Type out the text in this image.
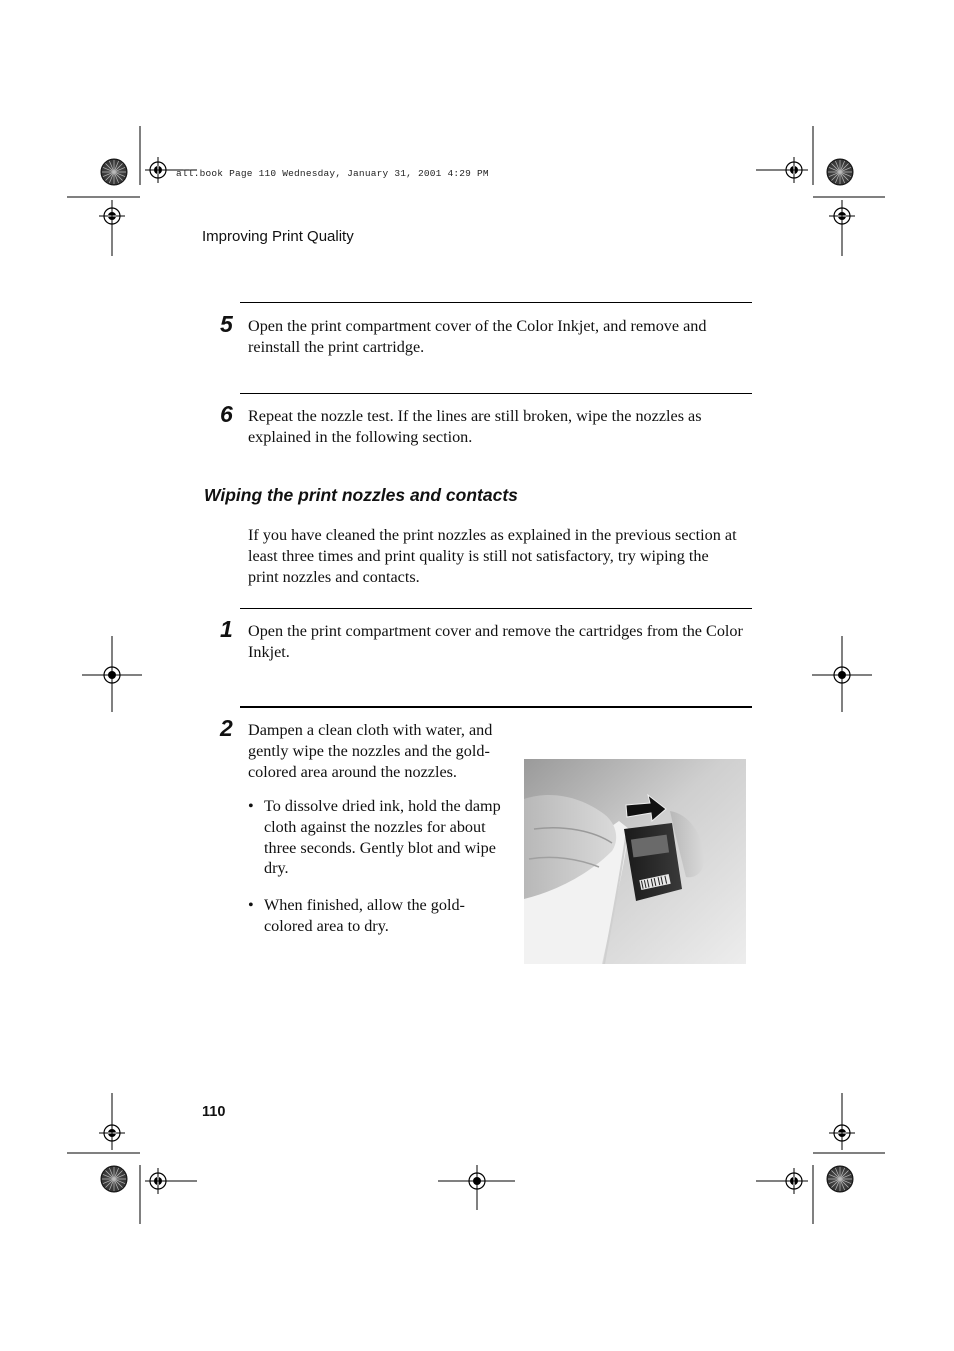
all.book Page 110 Wednesday, January 31, 2001 4:29 PM
Improving Print Quality
5 Open the print compartment cover of the Color Inkjet, and remove and reinstall the print cartridge.
6 Repeat the nozzle test. If the lines are still broken, wipe the nozzles as explained in the following section.
Wiping the print nozzles and contacts
If you have cleaned the print nozzles as explained in the previous section at least three times and print quality is still not satisfactory, try wiping the print nozzles and contacts.
1 Open the print compartment cover and remove the cartridges from the Color Inkjet.
2 Dampen a clean cloth with water, and gently wipe the nozzles and the gold-colored area around the nozzles.
• To dissolve dried ink, hold the damp cloth against the nozzles for about three seconds. Gently blot and wipe dry.
• When finished, allow the gold-colored area to dry.
110
